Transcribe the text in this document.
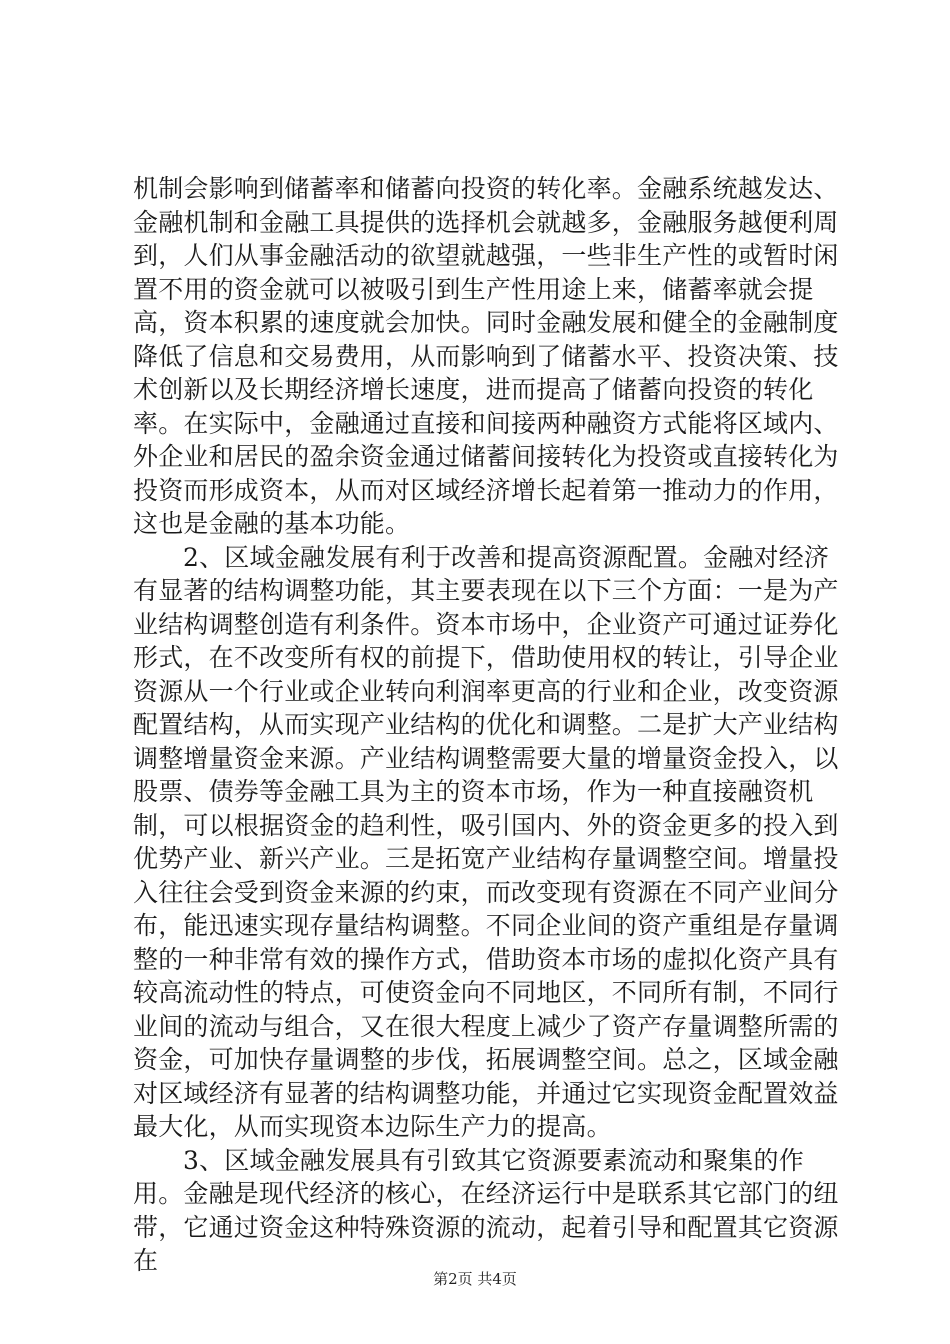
机制会影响到储蓄率和储蓄向投资的转化率。金融系统越发达、金融机制和金融工具提供的选择机会就越多，金融服务越便利周到，人们从事金融活动的欲望就越强，一些非生产性的或暂时闲置不用的资金就可以被吸引到生产性用途上来，储蓄率就会提高，资本积累的速度就会加快。同时金融发展和健全的金融制度降低了信息和交易费用，从而影响到了储蓄水平、投资决策、技术创新以及长期经济增长速度，进而提高了储蓄向投资的转化率。在实际中，金融通过直接和间接两种融资方式能将区域内、外企业和居民的盈余资金通过储蓄间接转化为投资或直接转化为投资而形成资本，从而对区域经济增长起着第一推动力的作用，这也是金融的基本功能。

2、区域金融发展有利于改善和提高资源配置。金融对经济有显著的结构调整功能，其主要表现在以下三个方面：一是为产业结构调整创造有利条件。资本市场中，企业资产可通过证券化形式，在不改变所有权的前提下，借助使用权的转让，引导企业资源从一个行业或企业转向利润率更高的行业和企业，改变资源配置结构，从而实现产业结构的优化和调整。二是扩大产业结构调整增量资金来源。产业结构调整需要大量的增量资金投入，以股票、债券等金融工具为主的资本市场，作为一种直接融资机制，可以根据资金的趋利性，吸引国内、外的资金更多的投入到优势产业、新兴产业。三是拓宽产业结构存量调整空间。增量投入往往会受到资金来源的约束，而改变现有资源在不同产业间分布，能迅速实现存量结构调整。不同企业间的资产重组是存量调整的一种非常有效的操作方式，借助资本市场的虚拟化资产具有较高流动性的特点，可使资金向不同地区，不同所有制，不同行业间的流动与组合，又在很大程度上减少了资产存量调整所需的资金，可加快存量调整的步伐，拓展调整空间。总之，区域金融对区域经济有显著的结构调整功能，并通过它实现资金配置效益最大化，从而实现资本边际生产力的提高。

3、区域金融发展具有引致其它资源要素流动和聚集的作用。金融是现代经济的核心，在经济运行中是联系其它部门的纽带，它通过资金这种特殊资源的流动，起着引导和配置其它资源在

第2页 共4页
